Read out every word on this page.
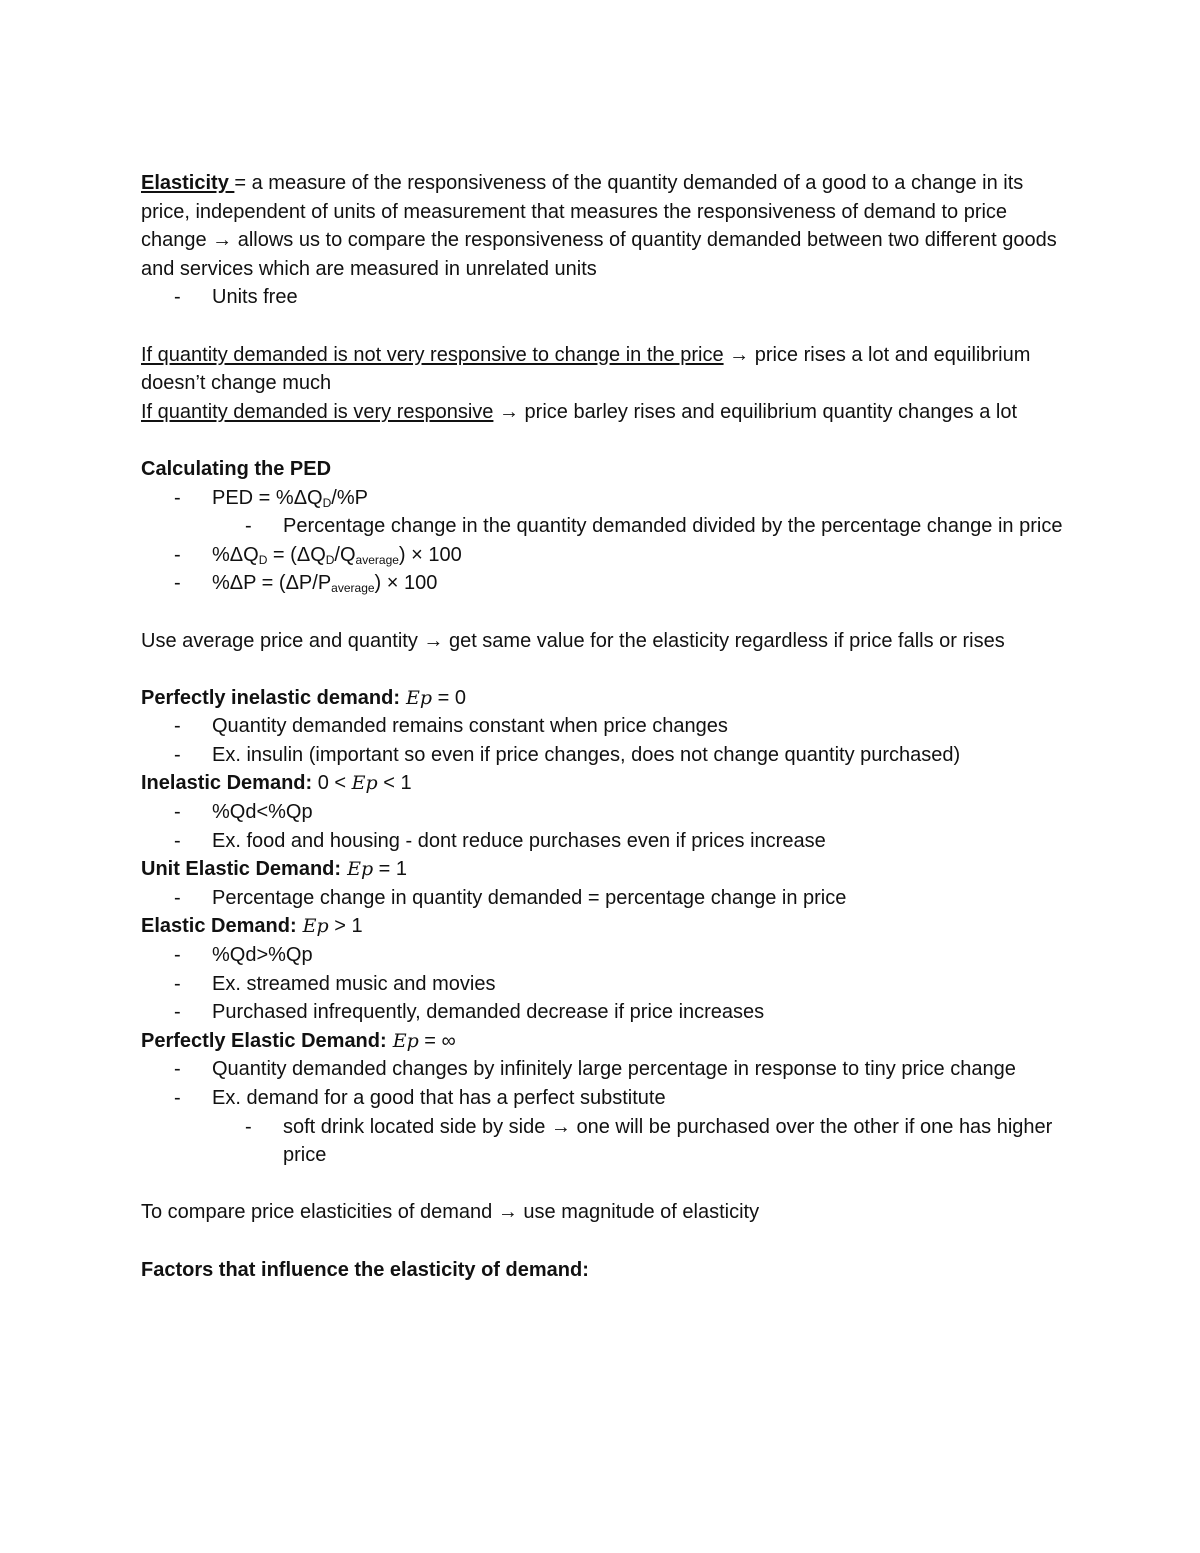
Elasticity = a measure of the responsiveness of the quantity demanded of a good to a change in its price, independent of units of measurement that measures the responsiveness of demand to price change → allows us to compare the responsiveness of quantity demanded between two different goods and services which are measured in unrelated units

- Units free

If quantity demanded is not very responsive to change in the price → price rises a lot and equilibrium doesn’t change much

If quantity demanded is very responsive → price barley rises and equilibrium quantity changes a lot

Calculating the PED

- PED = $\%\Delta Q_D/\%P$

- Percentage change in the quantity demanded divided by the percentage change in price

- $\%\Delta Q_D = (\Delta Q_D/Q_{average}) \times 100$

- $\%\Delta P = (\Delta P/P_{average}) \times 100$

Use average price and quantity → get same value for the elasticity regardless if price falls or rises

Perfectly inelastic demand: E𝑝 = 0

- Quantity demanded remains constant when price changes

- Ex. insulin (important so even if price changes, does not change quantity purchased)

Inelastic Demand: 0 < E𝑝 < 1

- %Qd<%Qp

- Ex. food and housing - dont reduce purchases even if prices increase

Unit Elastic Demand: E𝑝 = 1

- Percentage change in quantity demanded = percentage change in price

Elastic Demand: E𝑝 > 1

- %Qd>%Qp

- Ex. streamed music and movies

- Purchased infrequently, demanded decrease if price increases

Perfectly Elastic Demand: E𝑝 = ∞

- Quantity demanded changes by infinitely large percentage in response to tiny price change

- Ex. demand for a good that has a perfect substitute

- soft drink located side by side → one will be purchased over the other if one has higher price

To compare price elasticities of demand → use magnitude of elasticity

Factors that influence the elasticity of demand:
